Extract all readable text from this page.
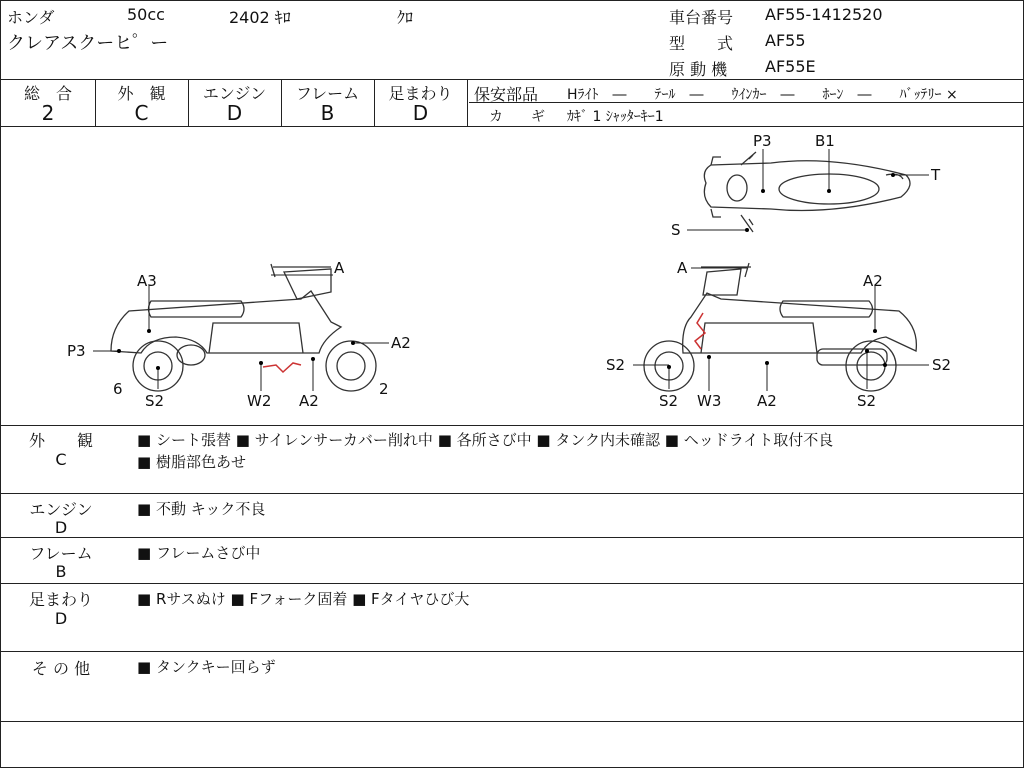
ホンダ	50cc	2402 ｷﾛ	ｸﾛ
クレアスクーヒ゜ー
車台番号 AF55-1412520
型　　式 AF55
原 動 機 AF55E
総　合	外　観	エンジン	フレーム	足まわり
2	C	D	B	D
保安部品 Hﾗｲﾄ　―　　ﾃｰﾙ　―　　ｳｲﾝｶｰ　―　　ﾎｰﾝ　―　　ﾊﾞｯﾃﾘｰ ×
カ　　ギ ｶｷﾞ 1 ｼｬｯﾀｰｷｰ1
P3	B1
T
S
A
A3
P3	A2
6
S2	W2 A2
2
A
A2
S2	S2
S2 W3 A2	S2
外　　観
C
■ シート張替 ■ サイレンサーカバー削れ中 ■ 各所さび中 ■ タンク内未確認 ■ ヘッドライト取付不良
■ 樹脂部色あせ
エンジン
D
■ 不動 キック不良
フレーム
B
■ フレームさび中
足まわり
D
■ Rサスぬけ ■ Fフォーク固着 ■ Fタイヤひび大
そ の 他	■ タンクキー回らず
